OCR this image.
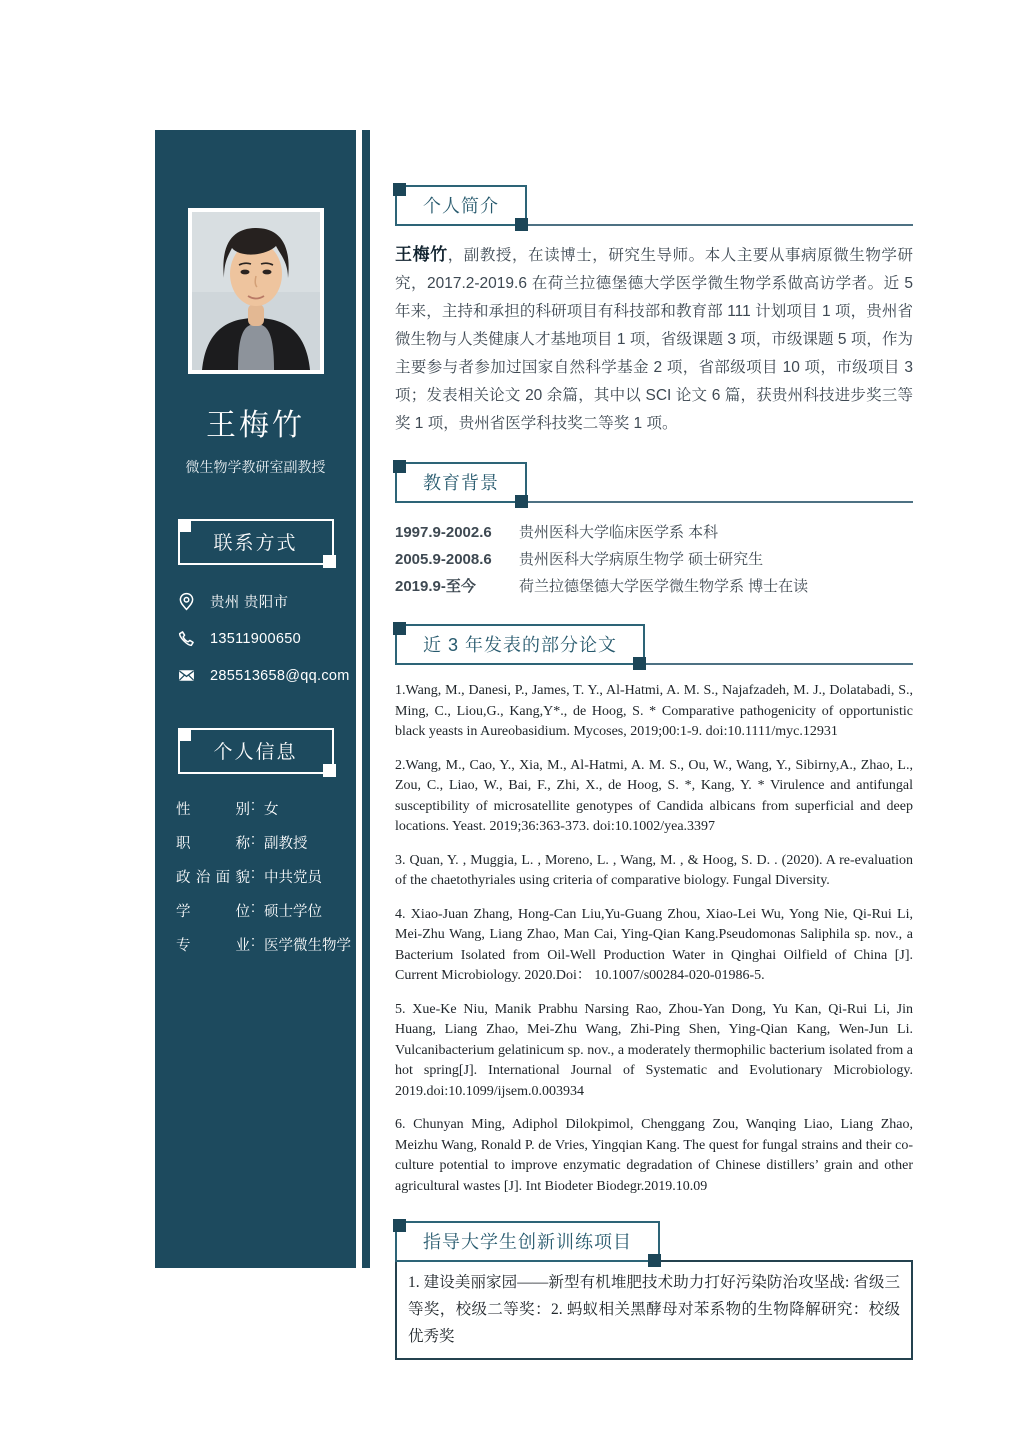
王梅竹
微生物学教研室副教授
联系方式
贵州 贵阳市
13511900650
285513658@qq.com
个人信息
性别 : 女
职称 : 副教授
政治面貌 : 中共党员
学位 : 硕士学位
专业 : 医学微生物学
个人简介

王梅竹，副教授，在读博士，研究生导师。本人主要从事病原微生物学研究，2017.2-2019.6 在荷兰拉德堡德大学医学微生物学系做高访学者。近 5 年来，主持和承担的科研项目有科技部和教育部 111 计划项目 1 项，贵州省微生物与人类健康人才基地项目 1 项，省级课题 3 项，市级课题 5 项，作为主要参与者参加过国家自然科学基金 2 项，省部级项目 10 项，市级项目 3 项；发表相关论文 20 余篇，其中以 SCI 论文 6 篇，获贵州科技进步奖三等奖 1 项，贵州省医学科技奖二等奖 1 项。

教育背景
1997.9-2002.6	贵州医科大学临床医学系 本科
2005.9-2008.6	贵州医科大学病原生物学 硕士研究生
2019.9-至今	荷兰拉德堡德大学医学微生物学系 博士在读
近 3 年发表的部分论文

1.Wang, M., Danesi, P., James, T. Y., Al‐Hatmi, A. M. S., Najafzadeh, M. J., Dolatabadi, S., Ming, C., Liou,G., Kang,Y*., de Hoog, S. * Comparative pathogenicity of opportunistic black yeasts in Aureobasidium. Mycoses, 2019;00:1-9. doi:10.1111/myc.12931

2.Wang, M., Cao, Y., Xia, M., Al‐Hatmi, A. M. S., Ou, W., Wang, Y., Sibirny,A., Zhao, L., Zou, C., Liao, W., Bai, F., Zhi, X., de Hoog, S. *, Kang, Y. * Virulence and antifungal susceptibility of microsatellite genotypes of Candida albicans from superficial and deep locations. Yeast. 2019;36:363-373. doi:10.1002/yea.3397

3. Quan, Y. , Muggia, L. , Moreno, L. , Wang, M. , & Hoog, S. D. . (2020). A re-evaluation of the chaetothyriales using criteria of comparative biology. Fungal Diversity.

4. Xiao-Juan Zhang, Hong-Can Liu,Yu-Guang Zhou, Xiao-Lei Wu, Yong Nie, Qi‐Rui Li, Mei-Zhu Wang, Liang Zhao, Man Cai, Ying-Qian Kang.Pseudomonas Saliphila sp. nov., a Bacterium Isolated from Oil-Well Production Water in Qinghai Oilfield of China [J]. Current Microbiology. 2020.Doi： 10.1007/s00284-020-01986-5.

5. Xue-Ke Niu, Manik Prabhu Narsing Rao, Zhou-Yan Dong, Yu Kan, Qi-Rui Li, Jin Huang, Liang Zhao, Mei-Zhu Wang, Zhi-Ping Shen, Ying-Qian Kang, Wen-Jun Li. Vulcanibacterium gelatinicum sp. nov., a moderately thermophilic bacterium isolated from a hot spring[J]. International Journal of Systematic and Evolutionary Microbiology. 2019.doi:10.1099/ijsem.0.003934

6. Chunyan Ming, Adiphol Dilokpimol, Chenggang Zou, Wanqing Liao, Liang Zhao, Meizhu Wang, Ronald P. de Vries, Yingqian Kang. The quest for fungal strains and their co-culture potential to improve enzymatic degradation of Chinese distillers’ grain and other agricultural wastes [J]. Int Biodeter Biodegr.2019.10.09

指导大学生创新训练项目
1. 建设美丽家园——新型有机堆肥技术助力打好污染防治攻坚战: 省级三等奖，校级二等奖：2. 蚂蚁相关黑酵母对苯系物的生物降解研究：校级优秀奖
